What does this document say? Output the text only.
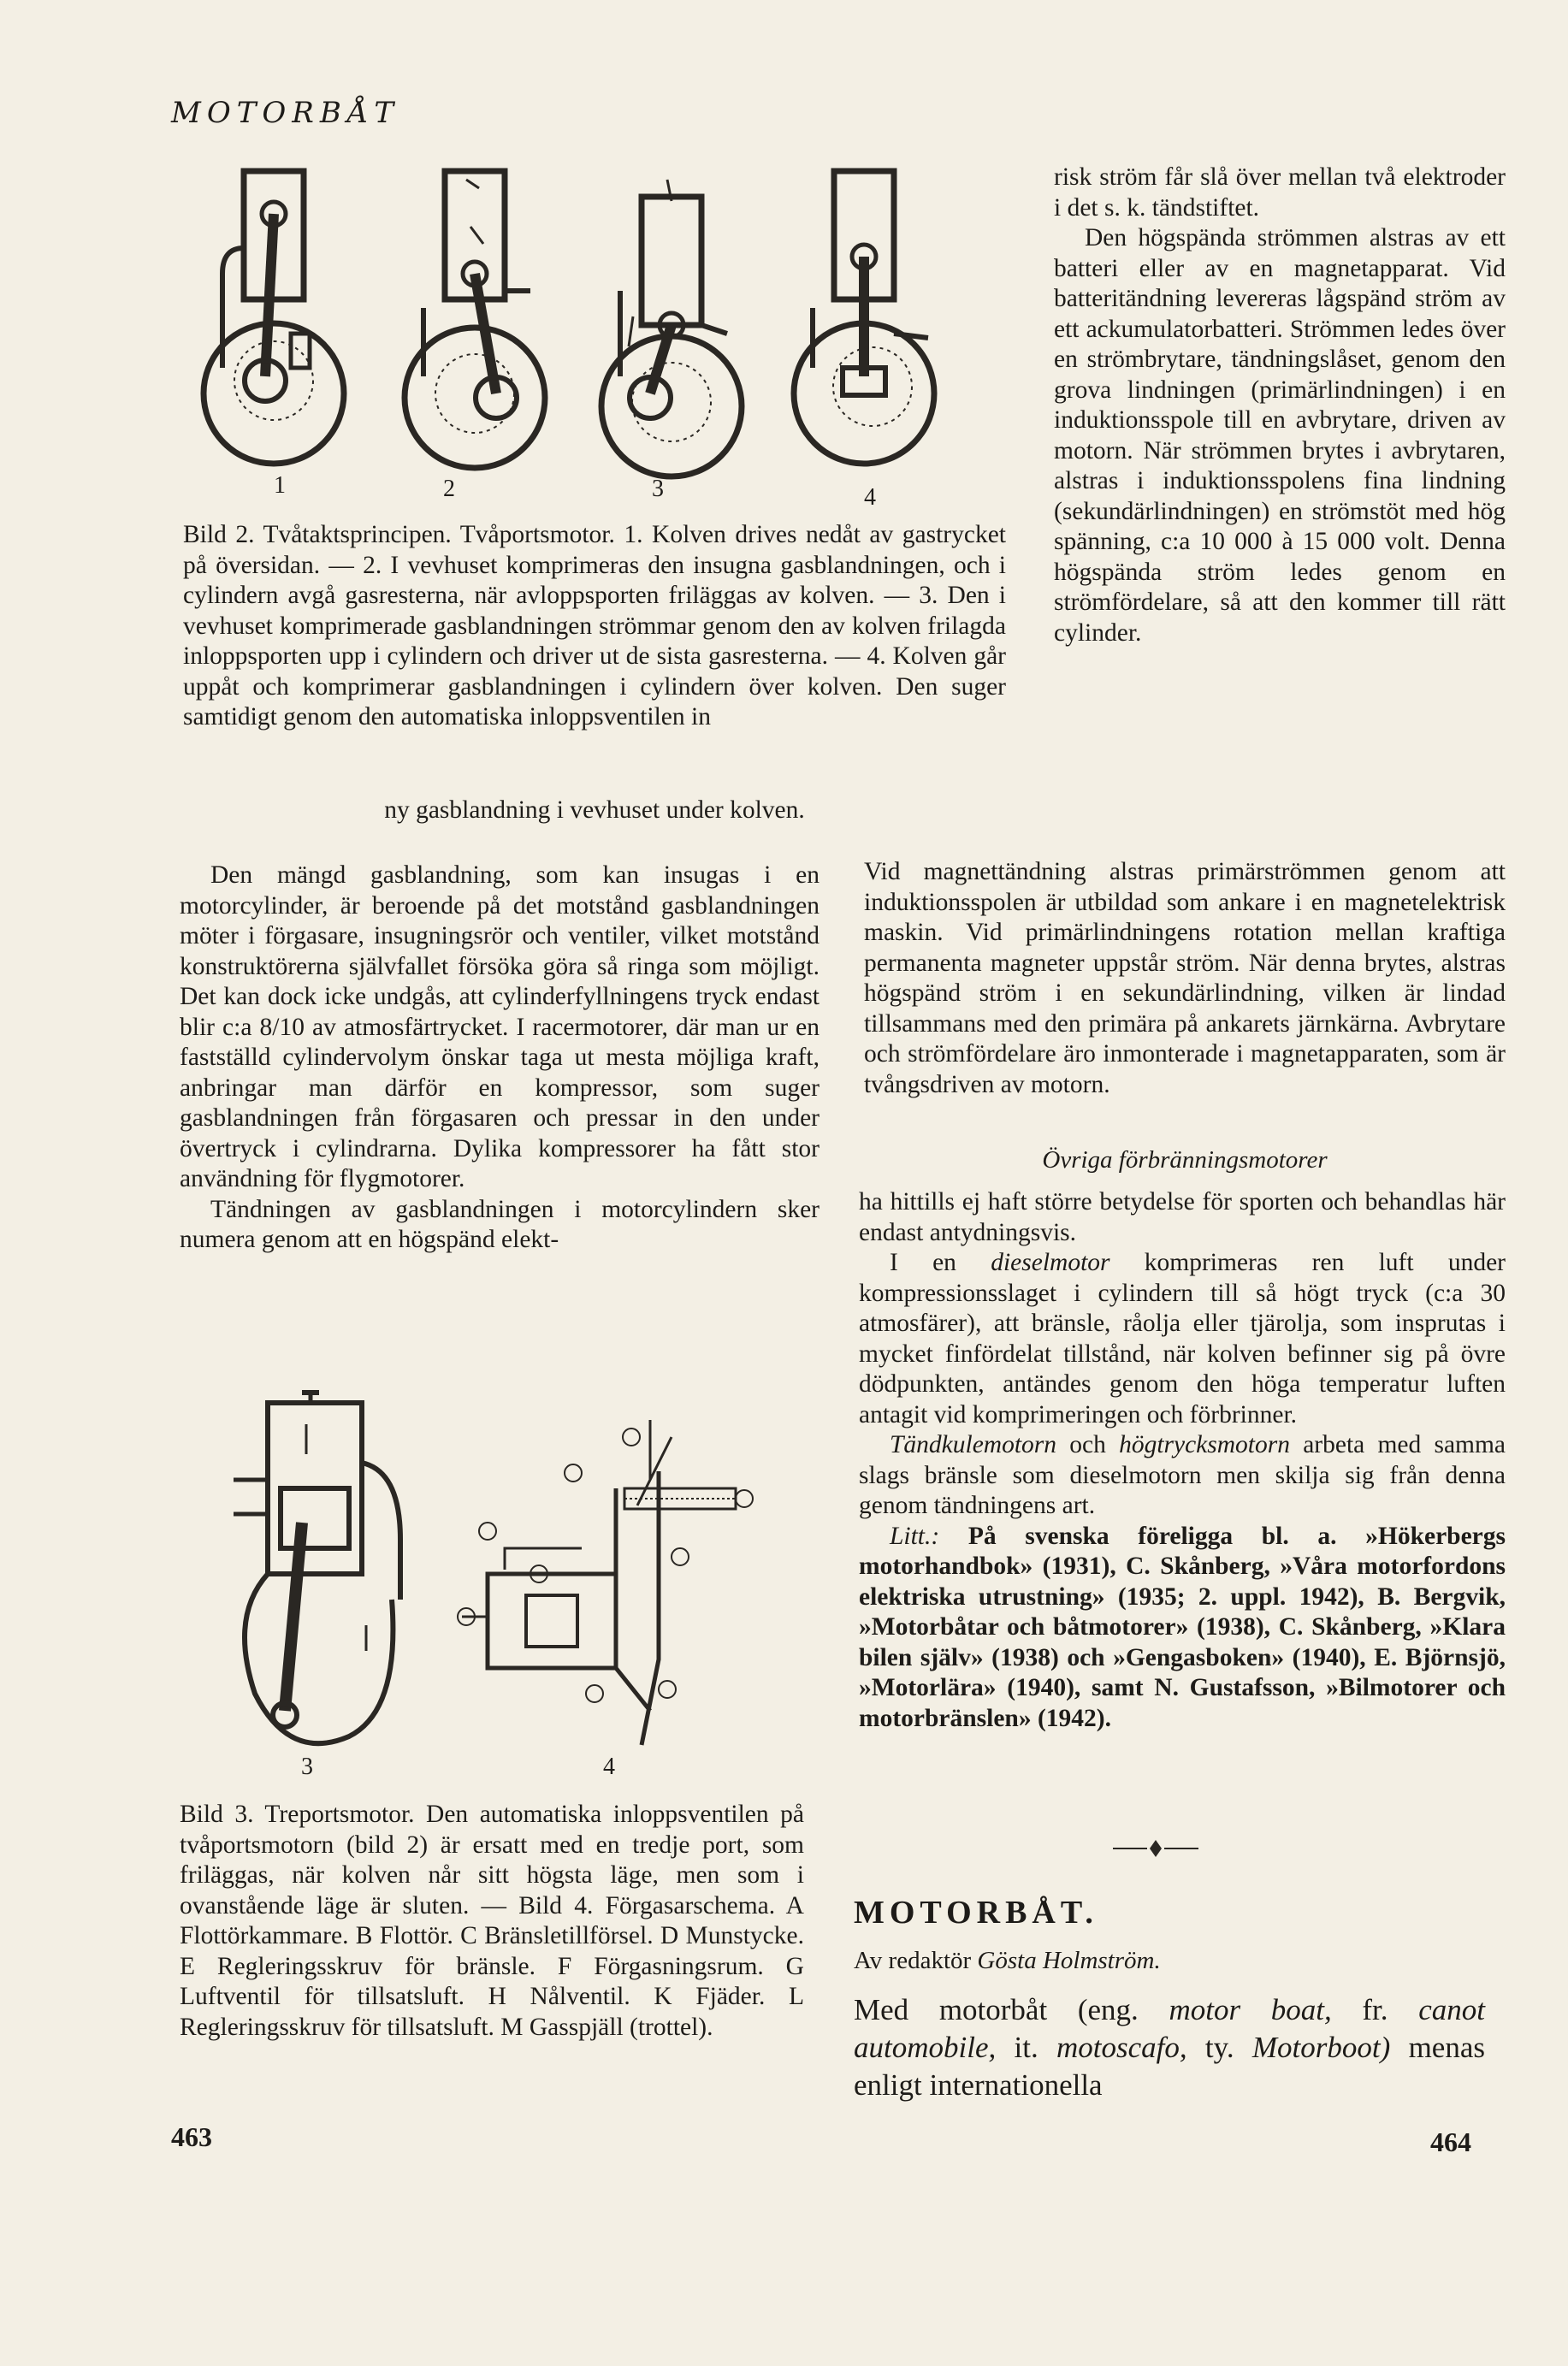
MOTORBÅT
1	2	3	4
Bild 2. Tvåtaktsprincipen. Tvåportsmotor. 1. Kolven drives nedåt av gastrycket på översidan. — 2. I vevhuset komprimeras den insugna gasblandningen, och i cylindern avgå gasresterna, när avloppsporten friläggas av kolven. — 3. Den i vevhuset komprimerade gasblandningen strömmar genom den av kolven frilagda inloppsporten upp i cylindern och driver ut de sista gasresterna. — 4. Kolven går uppåt och komprimerar gasblandningen i cylindern över kolven. Den suger samtidigt genom den automatiska inloppsventilen in
ny gasblandning i vevhuset under kolven.

Den mängd gasblandning, som kan insugas i en motorcylinder, är beroende på det motstånd gasblandningen möter i förgasare, insugningsrör och ventiler, vilket motstånd konstruktörerna självfallet försöka göra så ringa som möjligt. Det kan dock icke undgås, att cylinderfyllningens tryck endast blir c:a 8/10 av atmosfärtrycket. I racermotorer, där man ur en fastställd cylindervolym önskar taga ut mesta möjliga kraft, anbringar man därför en kompressor, som suger gasblandningen från förgasaren och pressar in den under övertryck i cylindrarna. Dylika kompressorer ha fått stor användning för flygmotorer.

Tändningen av gasblandningen i motorcylindern sker numera genom att en högspänd elekt-

3	4
Bild 3. Treportsmotor. Den automatiska inloppsventilen på tvåportsmotorn (bild 2) är ersatt med en tredje port, som friläggas, när kolven når sitt högsta läge, men som i ovanstående läge är sluten. — Bild 4. Förgasarschema. A Flottörkammare. B Flottör. C Bränsletillförsel. D Munstycke. E Regleringsskruv för bränsle. F Förgasningsrum. G Luftventil för tillsatsluft. H Nålventil. K Fjäder. L Regleringsskruv för tillsatsluft. M Gasspjäll (trottel).

risk ström får slå över mellan två elektroder i det s. k. tändstiftet.

Den högspända strömmen alstras av ett batteri eller av en magnetapparat. Vid batteritändning levereras lågspänd ström av ett ackumulatorbatteri. Strömmen ledes över en strömbrytare, tändningslåset, genom den grova lindningen (primärlindningen) i en induktionsspole till en avbrytare, driven av motorn. När strömmen brytes i avbrytaren, alstras i induktionsspolens fina lindning (sekundärlindningen) en strömstöt med hög spänning, c:a 10 000 à 15 000 volt. Denna högspända ström ledes genom en strömfördelare, så att den kommer till rätt cylinder.

Vid magnettändning alstras primärströmmen genom att induktionsspolen är utbildad som ankare i en magnetelektrisk maskin. Vid primärlindningens rotation mellan kraftiga permanenta magneter uppstår ström. När denna brytes, alstras högspänd ström i en sekundärlindning, vilken är lindad tillsammans med den primära på ankarets järnkärna. Avbrytare och strömfördelare äro inmonterade i magnetapparaten, som är tvångsdriven av motorn.

Övriga förbränningsmotorer

ha hittills ej haft större betydelse för sporten och behandlas här endast antydningsvis.

I en dieselmotor komprimeras ren luft under kompressionsslaget i cylindern till så högt tryck (c:a 30 atmosfärer), att bränsle, råolja eller tjärolja, som insprutas i mycket finfördelat tillstånd, när kolven befinner sig på övre dödpunkten, antändes genom den höga temperatur luften antagit vid komprimeringen och förbrinner.

Tändkulemotorn och högtrycksmotorn arbeta med samma slags bränsle som dieselmotorn men skilja sig från denna genom tändningens art.

Litt.: På svenska föreligga bl. a. »Hökerbergs motorhandbok» (1931), C. Skånberg, »Våra motorfordons elektriska utrustning» (1935; 2. uppl. 1942), B. Bergvik, »Motorbåtar och båtmotorer» (1938), C. Skånberg, »Klara bilen själv» (1938) och »Gengasboken» (1940), E. Björnsjö, »Motorlära» (1940), samt N. Gustafsson, »Bilmotorer och motorbränslen» (1942).

MOTORBÅT.
Av redaktör Gösta Holmström.
Med motorbåt (eng. motor boat, fr. canot automobile, it. motoscafo, ty. Motorboot) menas enligt internationella
463	464
